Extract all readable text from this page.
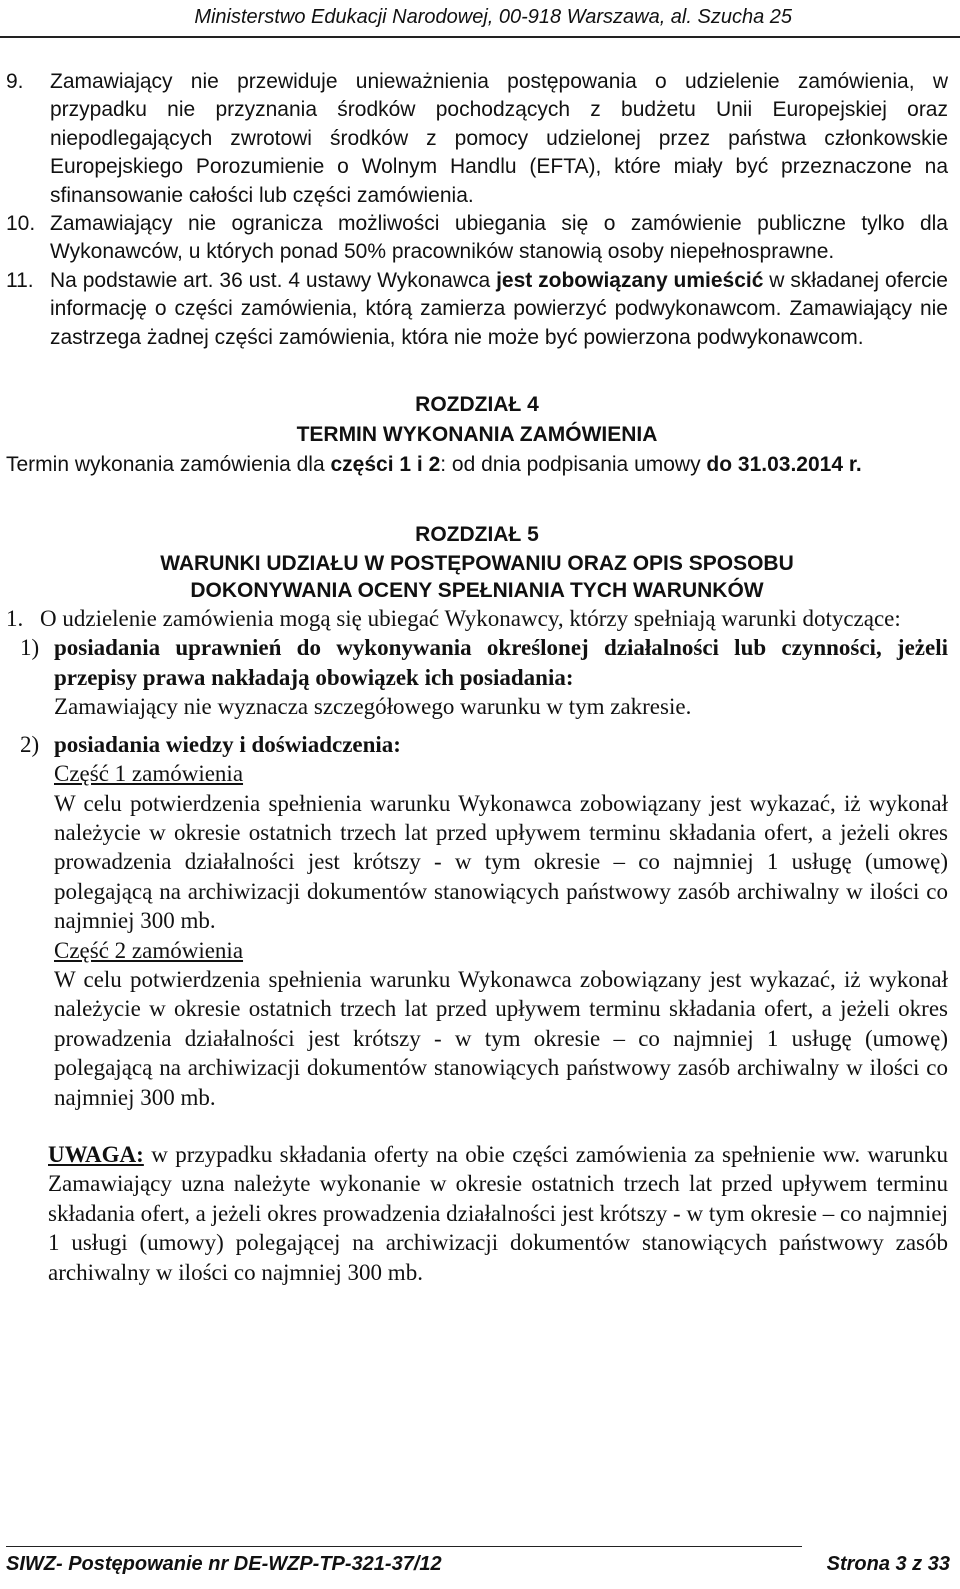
Ministerstwo Edukacji Narodowej, 00-918 Warszawa, al. Szucha 25
9.	Zamawiający nie przewiduje unieważnienia postępowania o udzielenie zamówienia, w przypadku nie przyznania środków pochodzących z budżetu Unii Europejskiej oraz niepodlegających zwrotowi środków z pomocy udzielonej przez państwa członkowskie Europejskiego Porozumienie o Wolnym Handlu (EFTA), które miały być przeznaczone na sfinansowanie całości lub części zamówienia.
10. Zamawiający nie ogranicza możliwości ubiegania się o zamówienie publiczne tylko dla Wykonawców, u których ponad 50% pracowników stanowią osoby niepełnosprawne.
11. Na podstawie art. 36 ust. 4 ustawy Wykonawca jest zobowiązany umieścić w składanej ofercie informację o części zamówienia, którą zamierza powierzyć podwykonawcom. Zamawiający nie zastrzega żadnej części zamówienia, która nie może być powierzona podwykonawcom.
ROZDZIAŁ 4
TERMIN WYKONANIA ZAMÓWIENIA
Termin wykonania zamówienia dla części 1 i 2: od dnia podpisania umowy do 31.03.2014 r.
ROZDZIAŁ 5
WARUNKI UDZIAŁU W POSTĘPOWANIU ORAZ OPIS SPOSOBU
DOKONYWANIA OCENY SPEŁNIANIA TYCH WARUNKÓW
1. O udzielenie zamówienia mogą się ubiegać Wykonawcy, którzy spełniają warunki dotyczące:
1) posiadania uprawnień do wykonywania określonej działalności lub czynności, jeżeli przepisy prawa nakładają obowiązek ich posiadania:
Zamawiający nie wyznacza szczegółowego warunku w tym zakresie.
2) posiadania wiedzy i doświadczenia:
Część 1 zamówienia
W celu potwierdzenia spełnienia warunku Wykonawca zobowiązany jest wykazać, iż wykonał należycie w okresie ostatnich trzech lat przed upływem terminu składania ofert, a jeżeli okres prowadzenia działalności jest krótszy - w tym okresie – co najmniej 1 usługę (umowę) polegającą na archiwizacji dokumentów stanowiących państwowy zasób archiwalny w ilości co najmniej 300 mb.
Część 2 zamówienia
W celu potwierdzenia spełnienia warunku Wykonawca zobowiązany jest wykazać, iż wykonał należycie w okresie ostatnich trzech lat przed upływem terminu składania ofert, a jeżeli okres prowadzenia działalności jest krótszy - w tym okresie – co najmniej 1 usługę (umowę) polegającą na archiwizacji dokumentów stanowiących państwowy zasób archiwalny w ilości co najmniej 300 mb.
UWAGA: w przypadku składania oferty na obie części zamówienia za spełnienie ww. warunku Zamawiający uzna należyte wykonanie w okresie ostatnich trzech lat przed upływem terminu składania ofert, a jeżeli okres prowadzenia działalności jest krótszy - w tym okresie – co najmniej 1 usługi (umowy) polegającej na archiwizacji dokumentów stanowiących państwowy zasób archiwalny w ilości co najmniej 300 mb.
SIWZ- Postępowanie nr DE-WZP-TP-321-37/12	Strona 3 z 33
